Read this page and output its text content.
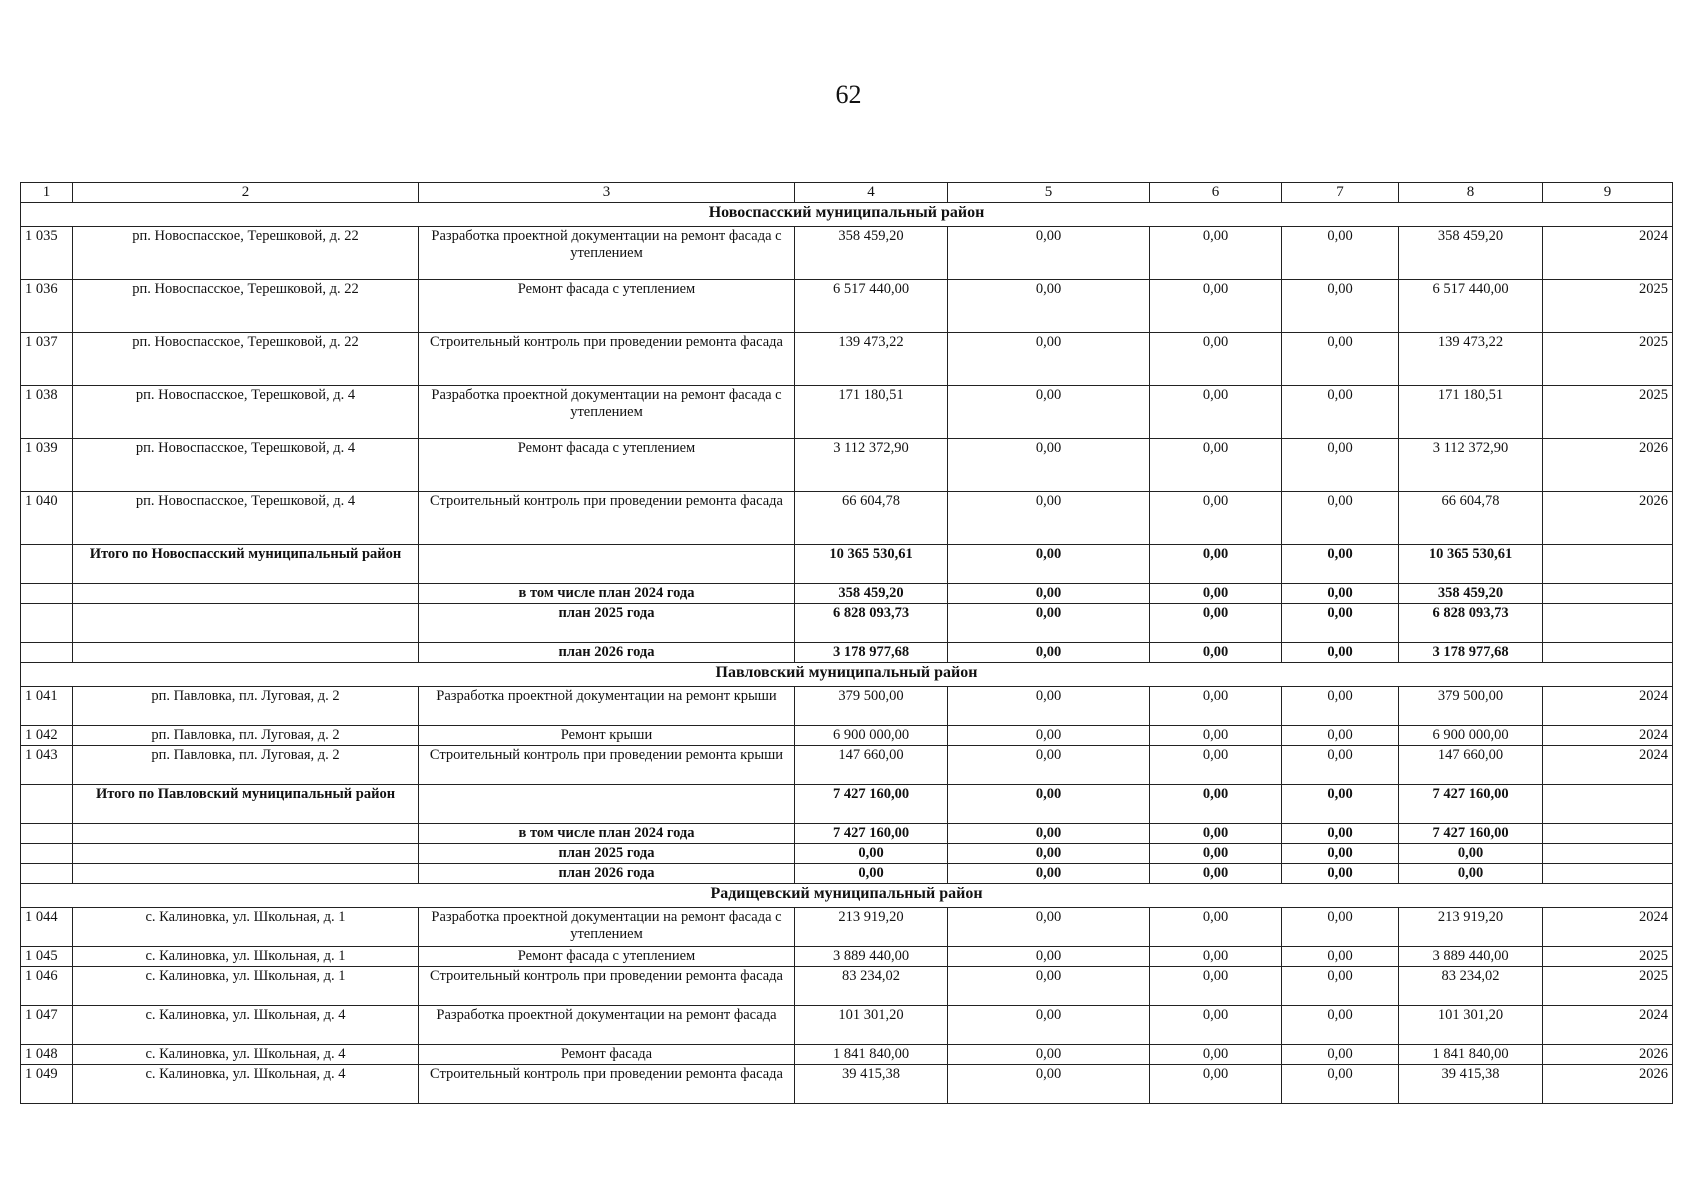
62
1	2	3	4	5	6	7	8	9
Новоспасский муниципальный район								
1 035	рп. Новоспасское, Терешковой, д. 22	Разработка проектной документации на ремонт фасада с утеплением	358 459,20	0,00	0,00	0,00	358 459,20	2024
1 036	рп. Новоспасское, Терешковой, д. 22	Ремонт фасада с утеплением	6 517 440,00	0,00	0,00	0,00	6 517 440,00	2025
1 037	рп. Новоспасское, Терешковой, д. 22	Строительный контроль при проведении ремонта фасада	139 473,22	0,00	0,00	0,00	139 473,22	2025
1 038	рп. Новоспасское, Терешковой, д. 4	Разработка проектной документации на ремонт фасада с утеплением	171 180,51	0,00	0,00	0,00	171 180,51	2025
1 039	рп. Новоспасское, Терешковой, д. 4	Ремонт фасада с утеплением	3 112 372,90	0,00	0,00	0,00	3 112 372,90	2026
1 040	рп. Новоспасское, Терешковой, д. 4	Строительный контроль при проведении ремонта фасада	66 604,78	0,00	0,00	0,00	66 604,78	2026
	Итого по Новоспасский муниципальный район		10 365 530,61	0,00	0,00	0,00	10 365 530,61	
		в том числе план 2024 года	358 459,20	0,00	0,00	0,00	358 459,20	
		план 2025 года	6 828 093,73	0,00	0,00	0,00	6 828 093,73	
		план 2026 года	3 178 977,68	0,00	0,00	0,00	3 178 977,68	
Павловский муниципальный район								
1 041	рп. Павловка, пл. Луговая, д. 2	Разработка проектной документации на ремонт крыши	379 500,00	0,00	0,00	0,00	379 500,00	2024
1 042	рп. Павловка, пл. Луговая, д. 2	Ремонт крыши	6 900 000,00	0,00	0,00	0,00	6 900 000,00	2024
1 043	рп. Павловка, пл. Луговая, д. 2	Строительный контроль при проведении ремонта крыши	147 660,00	0,00	0,00	0,00	147 660,00	2024
	Итого по Павловский муниципальный район		7 427 160,00	0,00	0,00	0,00	7 427 160,00	
		в том числе план 2024 года	7 427 160,00	0,00	0,00	0,00	7 427 160,00	
		план 2025 года	0,00	0,00	0,00	0,00	0,00	
		план 2026 года	0,00	0,00	0,00	0,00	0,00	
Радищевский муниципальный район								
1 044	с. Калиновка, ул. Школьная, д. 1	Разработка проектной документации на ремонт фасада с утеплением	213 919,20	0,00	0,00	0,00	213 919,20	2024
1 045	с. Калиновка, ул. Школьная, д. 1	Ремонт фасада с утеплением	3 889 440,00	0,00	0,00	0,00	3 889 440,00	2025
1 046	с. Калиновка, ул. Школьная, д. 1	Строительный контроль при проведении ремонта фасада	83 234,02	0,00	0,00	0,00	83 234,02	2025
1 047	с. Калиновка, ул. Школьная, д. 4	Разработка проектной документации на ремонт фасада	101 301,20	0,00	0,00	0,00	101 301,20	2024
1 048	с. Калиновка, ул. Школьная, д. 4	Ремонт фасада	1 841 840,00	0,00	0,00	0,00	1 841 840,00	2026
1 049	с. Калиновка, ул. Школьная, д. 4	Строительный контроль при проведении ремонта фасада	39 415,38	0,00	0,00	0,00	39 415,38	2026
